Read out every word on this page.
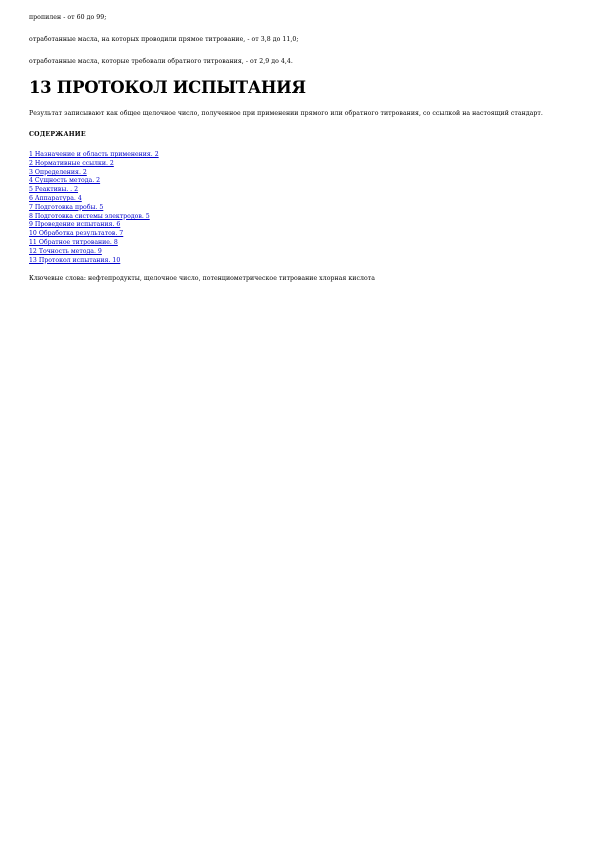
пропилен - от 60 до 99;

отработанные масла, на которых проводили прямое титрование, - от 3,8 до 11,0;

отработанные масла, которые требовали обратного титрования, - от 2,9 до 4,4.

13 ПРОТОКОЛ ИСПЫТАНИЯ

Результат записывают как общее щелочное число, полученное при применении прямого или обратного титрования, со ссылкой на настоящий стандарт.

СОДЕРЖАНИЕ

1 Назначение и область применения. 2
2 Нормативные ссылки. 2
3 Определения. 2
4 Сущность метода. 2
5 Реактивы. . 2
6 Аппаратура. 4
7 Подготовка пробы. 5
8 Подготовка системы электродов. 5
9 Проведение испытания. 6
10 Обработка результатов. 7
11 Обратное титрование. 8
12 Точность метода. 9
13 Протокол испытания. 10

Ключевые слова: нефтепродукты, щелочное число, потенциометрическое титрование хлорная кислота
